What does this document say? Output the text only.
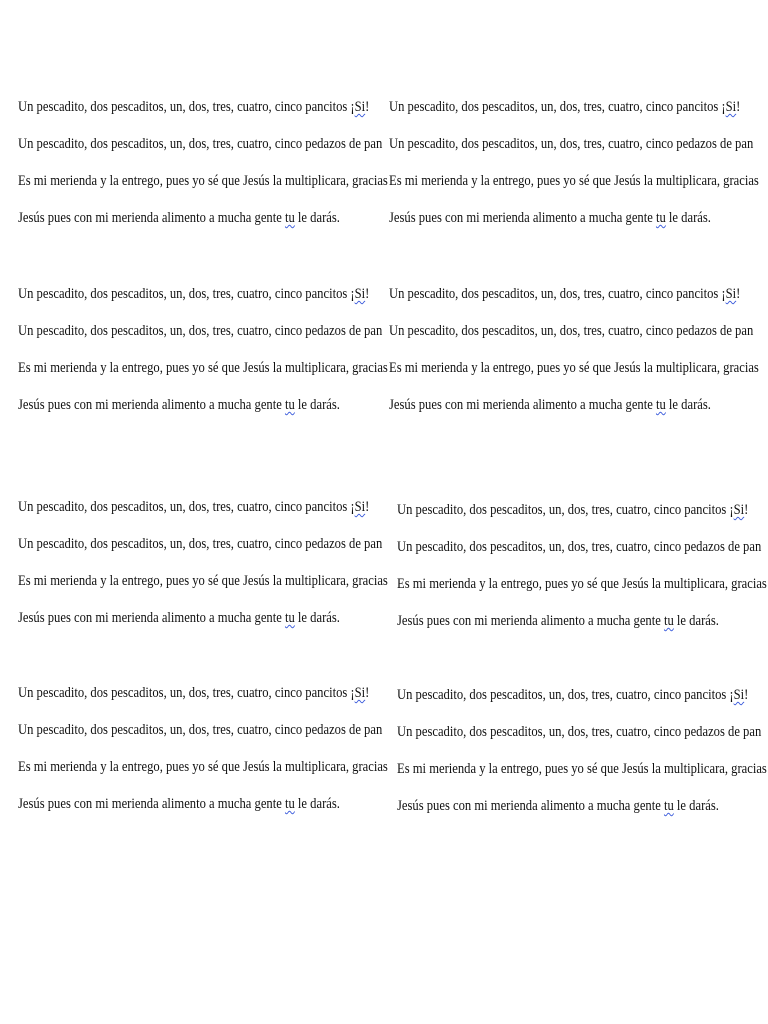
Un pescadito, dos pescaditos, un, dos, tres, cuatro, cinco pancitos ¡Si!
Un pescadito, dos pescaditos, un, dos, tres, cuatro, cinco pedazos de pan
Es mi merienda y la entrego, pues yo sé que Jesús la multiplicara, gracias
Jesús pues con mi merienda alimento a mucha gente tu le darás.
Un pescadito, dos pescaditos, un, dos, tres, cuatro, cinco pancitos ¡Si!
Un pescadito, dos pescaditos, un, dos, tres, cuatro, cinco pedazos de pan
Es mi merienda y la entrego, pues yo sé que Jesús la multiplicara, gracias
Jesús pues con mi merienda alimento a mucha gente tu le darás.
Un pescadito, dos pescaditos, un, dos, tres, cuatro, cinco pancitos ¡Si!
Un pescadito, dos pescaditos, un, dos, tres, cuatro, cinco pedazos de pan
Es mi merienda y la entrego, pues yo sé que Jesús la multiplicara, gracias
Jesús pues con mi merienda alimento a mucha gente tu le darás.
Un pescadito, dos pescaditos, un, dos, tres, cuatro, cinco pancitos ¡Si!
Un pescadito, dos pescaditos, un, dos, tres, cuatro, cinco pedazos de pan
Es mi merienda y la entrego, pues yo sé que Jesús la multiplicara, gracias
Jesús pues con mi merienda alimento a mucha gente tu le darás.
Un pescadito, dos pescaditos, un, dos, tres, cuatro, cinco pancitos ¡Si!
Un pescadito, dos pescaditos, un, dos, tres, cuatro, cinco pedazos de pan
Es mi merienda y la entrego, pues yo sé que Jesús la multiplicara, gracias
Jesús pues con mi merienda alimento a mucha gente tu le darás.
Un pescadito, dos pescaditos, un, dos, tres, cuatro, cinco pancitos ¡Si!
Un pescadito, dos pescaditos, un, dos, tres, cuatro, cinco pedazos de pan
Es mi merienda y la entrego, pues yo sé que Jesús la multiplicara, gracias
Jesús pues con mi merienda alimento a mucha gente tu le darás.
Un pescadito, dos pescaditos, un, dos, tres, cuatro, cinco pancitos ¡Si!
Un pescadito, dos pescaditos, un, dos, tres, cuatro, cinco pedazos de pan
Es mi merienda y la entrego, pues yo sé que Jesús la multiplicara, gracias
Jesús pues con mi merienda alimento a mucha gente tu le darás.
Un pescadito, dos pescaditos, un, dos, tres, cuatro, cinco pancitos ¡Si!
Un pescadito, dos pescaditos, un, dos, tres, cuatro, cinco pedazos de pan
Es mi merienda y la entrego, pues yo sé que Jesús la multiplicara, gracias
Jesús pues con mi merienda alimento a mucha gente tu le darás.
